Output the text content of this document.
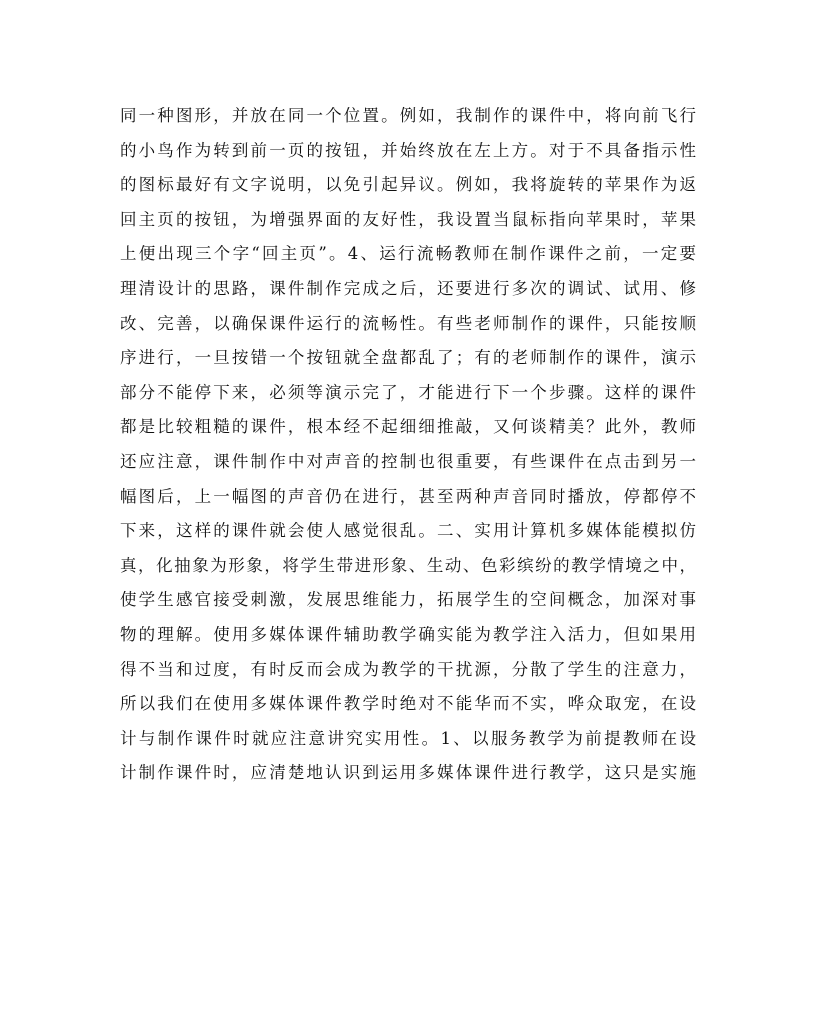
同一种图形，并放在同一个位置。例如，我制作的课件中，将向前飞行
的小鸟作为转到前一页的按钮，并始终放在左上方。对于不具备指示性
的图标最好有文字说明，以免引起异议。例如，我将旋转的苹果作为返
回主页的按钮，为增强界面的友好性，我设置当鼠标指向苹果时，苹果
上便出现三个字“回主页”。4、运行流畅教师在制作课件之前，一定要
理清设计的思路，课件制作完成之后，还要进行多次的调试、试用、修
改、完善，以确保课件运行的流畅性。有些老师制作的课件，只能按顺
序进行，一旦按错一个按钮就全盘都乱了；有的老师制作的课件，演示
部分不能停下来，必须等演示完了，才能进行下一个步骤。这样的课件
都是比较粗糙的课件，根本经不起细细推敲，又何谈精美？此外，教师
还应注意，课件制作中对声音的控制也很重要，有些课件在点击到另一
幅图后，上一幅图的声音仍在进行，甚至两种声音同时播放，停都停不
下来，这样的课件就会使人感觉很乱。二、实用计算机多媒体能模拟仿
真，化抽象为形象，将学生带进形象、生动、色彩缤纷的教学情境之中，
使学生感官接受刺激，发展思维能力，拓展学生的空间概念，加深对事
物的理解。使用多媒体课件辅助教学确实能为教学注入活力，但如果用
得不当和过度，有时反而会成为教学的干扰源，分散了学生的注意力，
所以我们在使用多媒体课件教学时绝对不能华而不实，哗众取宠，在设
计与制作课件时就应注意讲究实用性。1、以服务教学为前提教师在设
计制作课件时，应清楚地认识到运用多媒体课件进行教学，这只是实施
